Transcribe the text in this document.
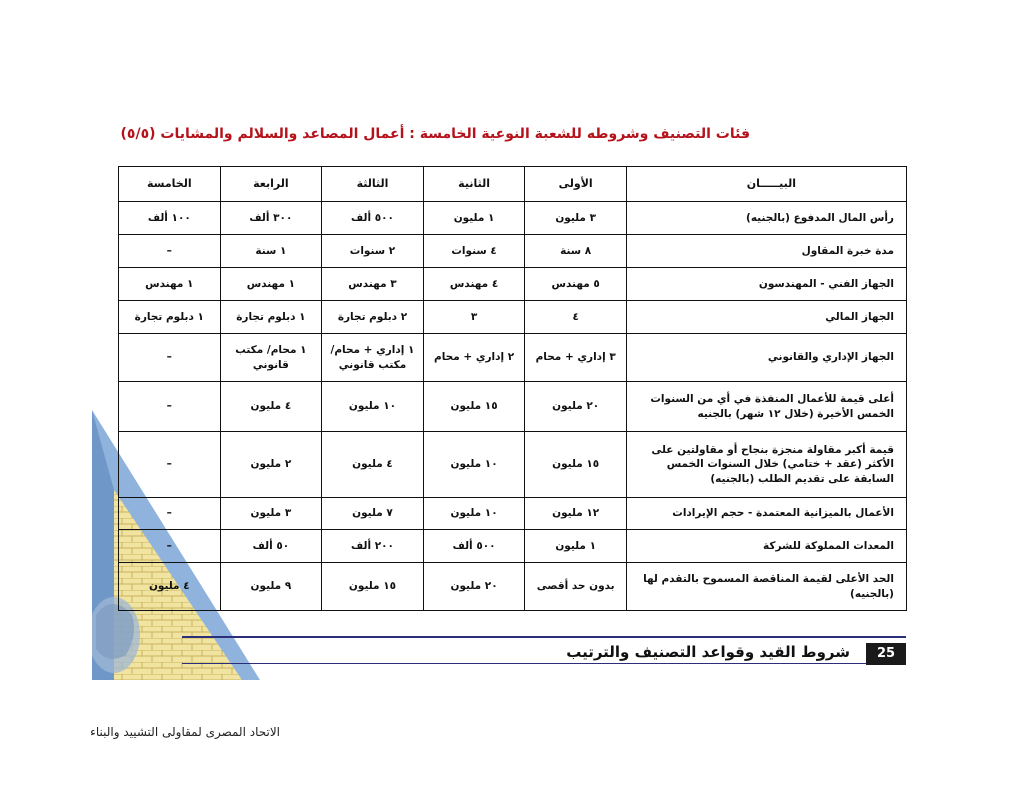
فئات التصنيف وشروطه للشعبة النوعية الخامسة : أعمال المصاعد والسلالم والمشايات (٥/٥)
البيـــــان	الأولى	الثانية	الثالثة	الرابعة	الخامسة
رأس المال المدفوع (بالجنيه)	٣ مليون	١ مليون	٥٠٠ ألف	٣٠٠ ألف	١٠٠ ألف
مدة خبرة المقاول	٨ سنة	٤ سنوات	٢ سنوات	١ سنة	–
الجهاز الفني - المهندسون	٥ مهندس	٤ مهندس	٣ مهندس	١ مهندس	١ مهندس
الجهاز المالي	٤	٣	٢ دبلوم تجارة	١ دبلوم تجارة	١ دبلوم تجارة
الجهاز الإداري والقانوني	٣ إداري + محام	٢ إداري + محام	١ إداري + محام/ مكتب قانوني	١ محام/ مكتب قانوني	–
أعلى قيمة للأعمال المنفذة في أي من السنوات الخمس الأخيرة (خلال ١٢ شهر) بالجنيه	٢٠ مليون	١٥ مليون	١٠ مليون	٤ مليون	–
قيمة أكبر مقاولة منجزة بنجاح أو مقاولتين على الأكثر (عقد + ختامي) خلال السنوات الخمس السابقة على تقديم الطلب (بالجنيه)	١٥ مليون	١٠ مليون	٤ مليون	٢ مليون	–
الأعمال بالميزانية المعتمدة - حجم الإيرادات	١٢ مليون	١٠ مليون	٧ مليون	٣ مليون	–
المعدات المملوكة للشركة	١ مليون	٥٠٠ ألف	٢٠٠ ألف	٥٠ ألف	–
الحد الأعلى لقيمة المناقصة المسموح بالتقدم لها (بالجنيه)	بدون حد أقصى	٢٠ مليون	١٥ مليون	٩ مليون	٤ مليون
شروط القيد وقواعد التصنيف والترتيب	25
الاتحاد المصرى لمقاولى التشييد والبناء
